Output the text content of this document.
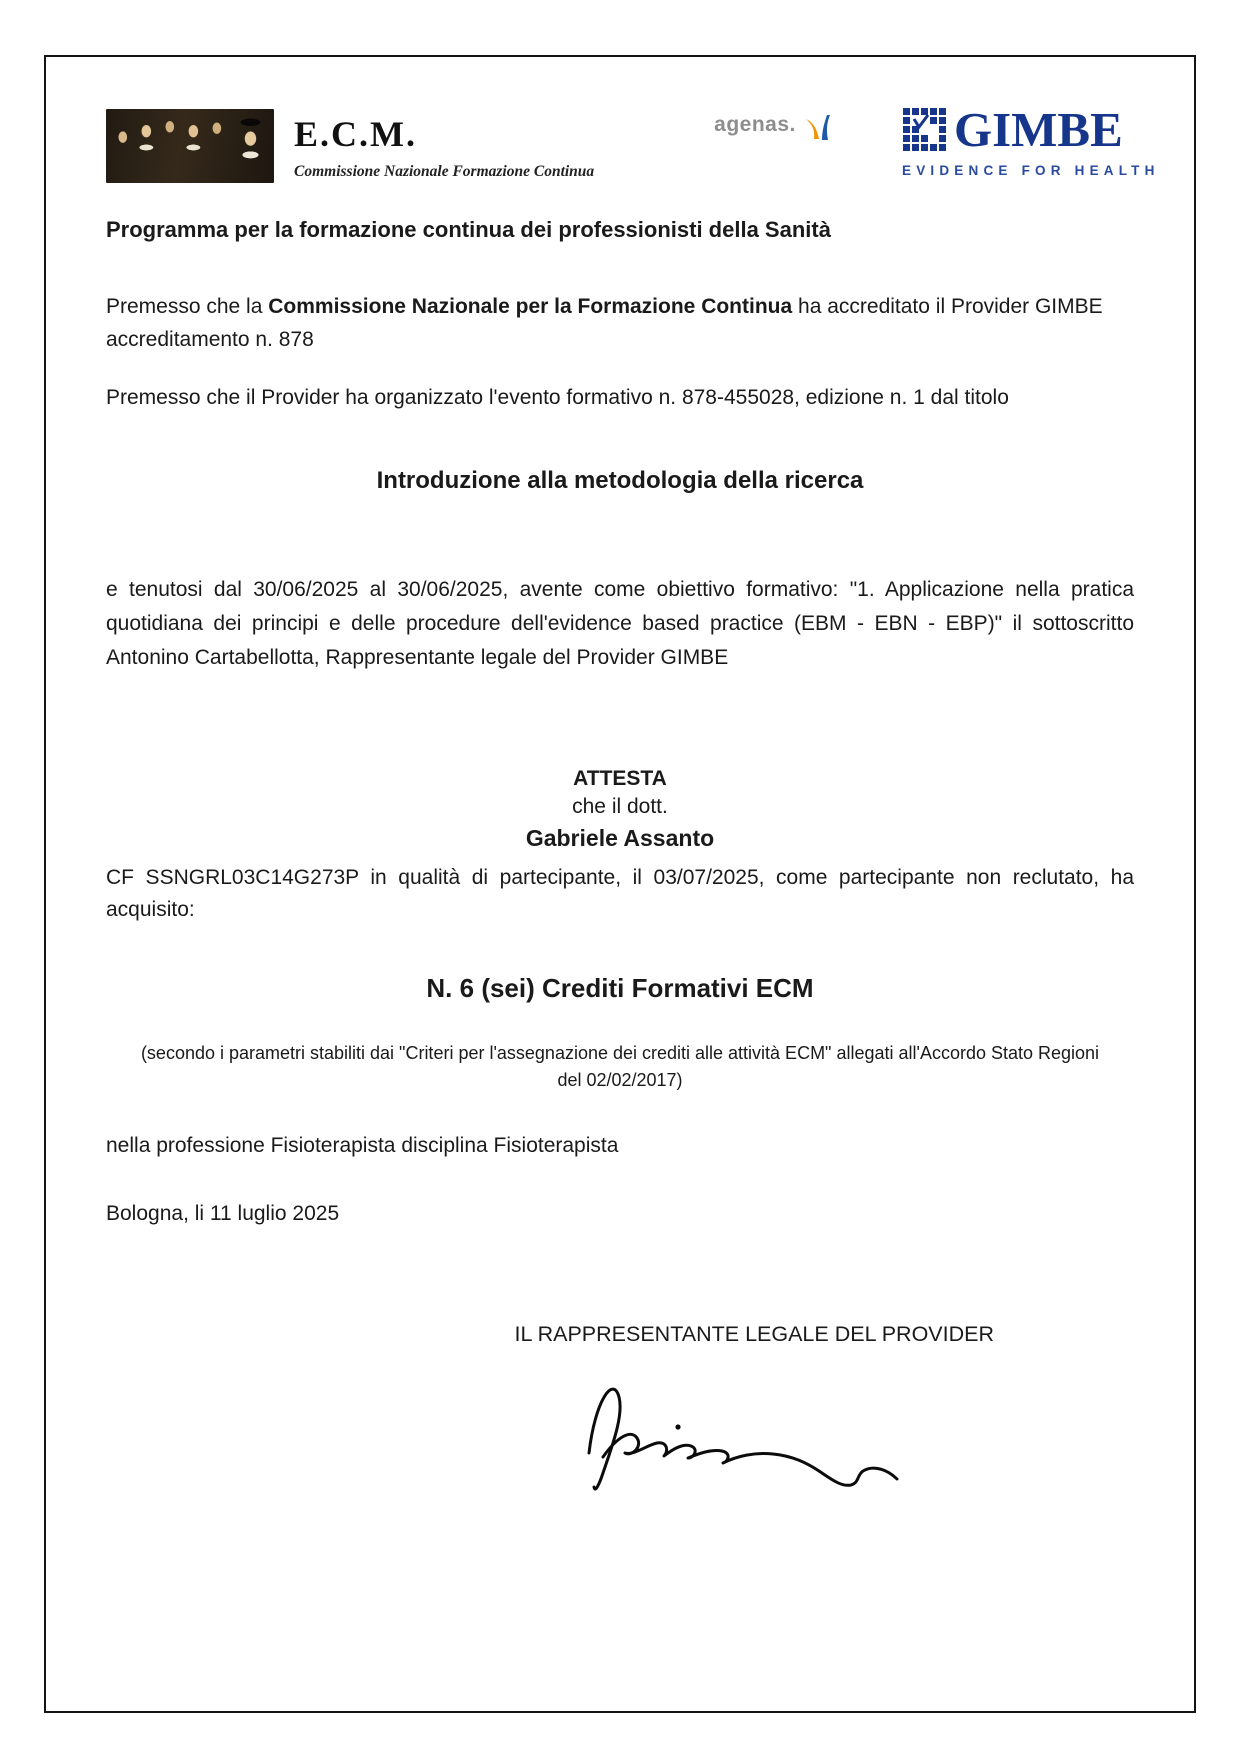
E.C.M.
Commissione Nazionale Formazione Continua
agenas.	GIMBE
EVIDENCE FOR HEALTH
Programma per la formazione continua dei professionisti della Sanità

Premesso che la Commissione Nazionale per la Formazione Continua ha accreditato il Provider GIMBE accreditamento n. 878

Premesso che il Provider ha organizzato l'evento formativo n. 878-455028, edizione n. 1 dal titolo

Introduzione alla metodologia della ricerca

e tenutosi dal 30/06/2025 al 30/06/2025, avente come obiettivo formativo: "1. Applicazione nella pratica quotidiana dei principi e delle procedure dell'evidence based practice (EBM - EBN - EBP)" il sottoscritto Antonino Cartabellotta, Rappresentante legale del Provider GIMBE

ATTESTA
che il dott.
Gabriele Assanto

CF SSNGRL03C14G273P in qualità di partecipante, il 03/07/2025, come partecipante non reclutato, ha acquisito:

N. 6 (sei) Crediti Formativi ECM
(secondo i parametri stabiliti dai "Criteri per l'assegnazione dei crediti alle attività ECM" allegati all'Accordo Stato Regioni del 02/02/2017)
nella professione Fisioterapista disciplina Fisioterapista
Bologna, li 11 luglio 2025
IL RAPPRESENTANTE LEGALE DEL PROVIDER
